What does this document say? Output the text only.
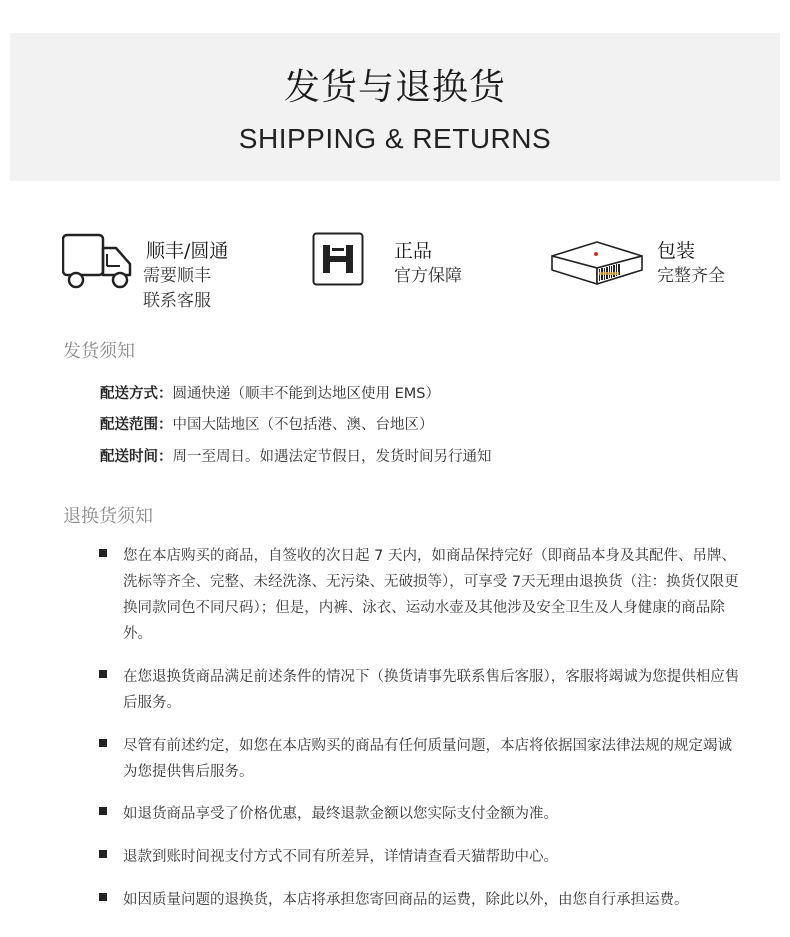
发货与退换货
SHIPPING & RETURNS
顺丰/圆通
需要顺丰
联系客服
正品
官方保障
包装
完整齐全
发货须知
配送方式：圆通快递（顺丰不能到达地区使用 EMS）
配送范围：中国大陆地区（不包括港、澳、台地区）
配送时间：周一至周日。如遇法定节假日，发货时间另行通知
退换货须知
您在本店购买的商品，自签收的次日起 7 天内，如商品保持完好（即商品本身及其配件、吊牌、洗标等齐全、完整、未经洗涤、无污染、无破损等），可享受 7天无理由退换货（注：换货仅限更换同款同色不同尺码）；但是，内裤、泳衣、运动水壶及其他涉及安全卫生及人身健康的商品除外。
在您退换货商品满足前述条件的情况下（换货请事先联系售后客服），客服将竭诚为您提供相应售后服务。
尽管有前述约定，如您在本店购买的商品有任何质量问题，本店将依据国家法律法规的规定竭诚为您提供售后服务。
如退货商品享受了价格优惠，最终退款金额以您实际支付金额为准。
退款到账时间视支付方式不同有所差异，详情请查看天猫帮助中心。
如因质量问题的退换货，本店将承担您寄回商品的运费，除此以外，由您自行承担运费。
